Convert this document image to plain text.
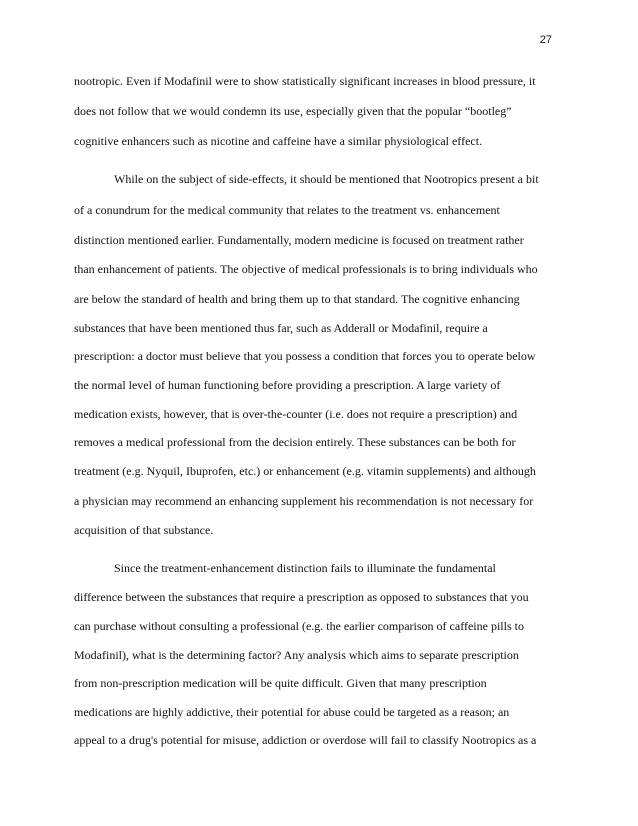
27
nootropic. Even if Modafinil were to show statistically significant increases in blood pressure, it
does not follow that we would condemn its use, especially given that the popular “bootleg”
cognitive enhancers such as nicotine and caffeine have a similar physiological effect.
While on the subject of side-effects, it should be mentioned that Nootropics present a bit
of a conundrum for the medical community that relates to the treatment vs. enhancement
distinction mentioned earlier. Fundamentally, modern medicine is focused on treatment rather
than enhancement of patients. The objective of medical professionals is to bring individuals who
are below the standard of health and bring them up to that standard. The cognitive enhancing
substances that have been mentioned thus far, such as Adderall or Modafinil, require a
prescription: a doctor must believe that you possess a condition that forces you to operate below
the normal level of human functioning before providing a prescription. A large variety of
medication exists, however, that is over-the-counter (i.e. does not require a prescription) and
removes a medical professional from the decision entirely. These substances can be both for
treatment (e.g. Nyquil, Ibuprofen, etc.) or enhancement (e.g. vitamin supplements) and although
a physician may recommend an enhancing supplement his recommendation is not necessary for
acquisition of that substance.
Since the treatment-enhancement distinction fails to illuminate the fundamental
difference between the substances that require a prescription as opposed to substances that you
can purchase without consulting a professional (e.g. the earlier comparison of caffeine pills to
Modafinil), what is the determining factor? Any analysis which aims to separate prescription
from non-prescription medication will be quite difficult. Given that many prescription
medications are highly addictive, their potential for abuse could be targeted as a reason; an
appeal to a drug's potential for misuse, addiction or overdose will fail to classify Nootropics as a
